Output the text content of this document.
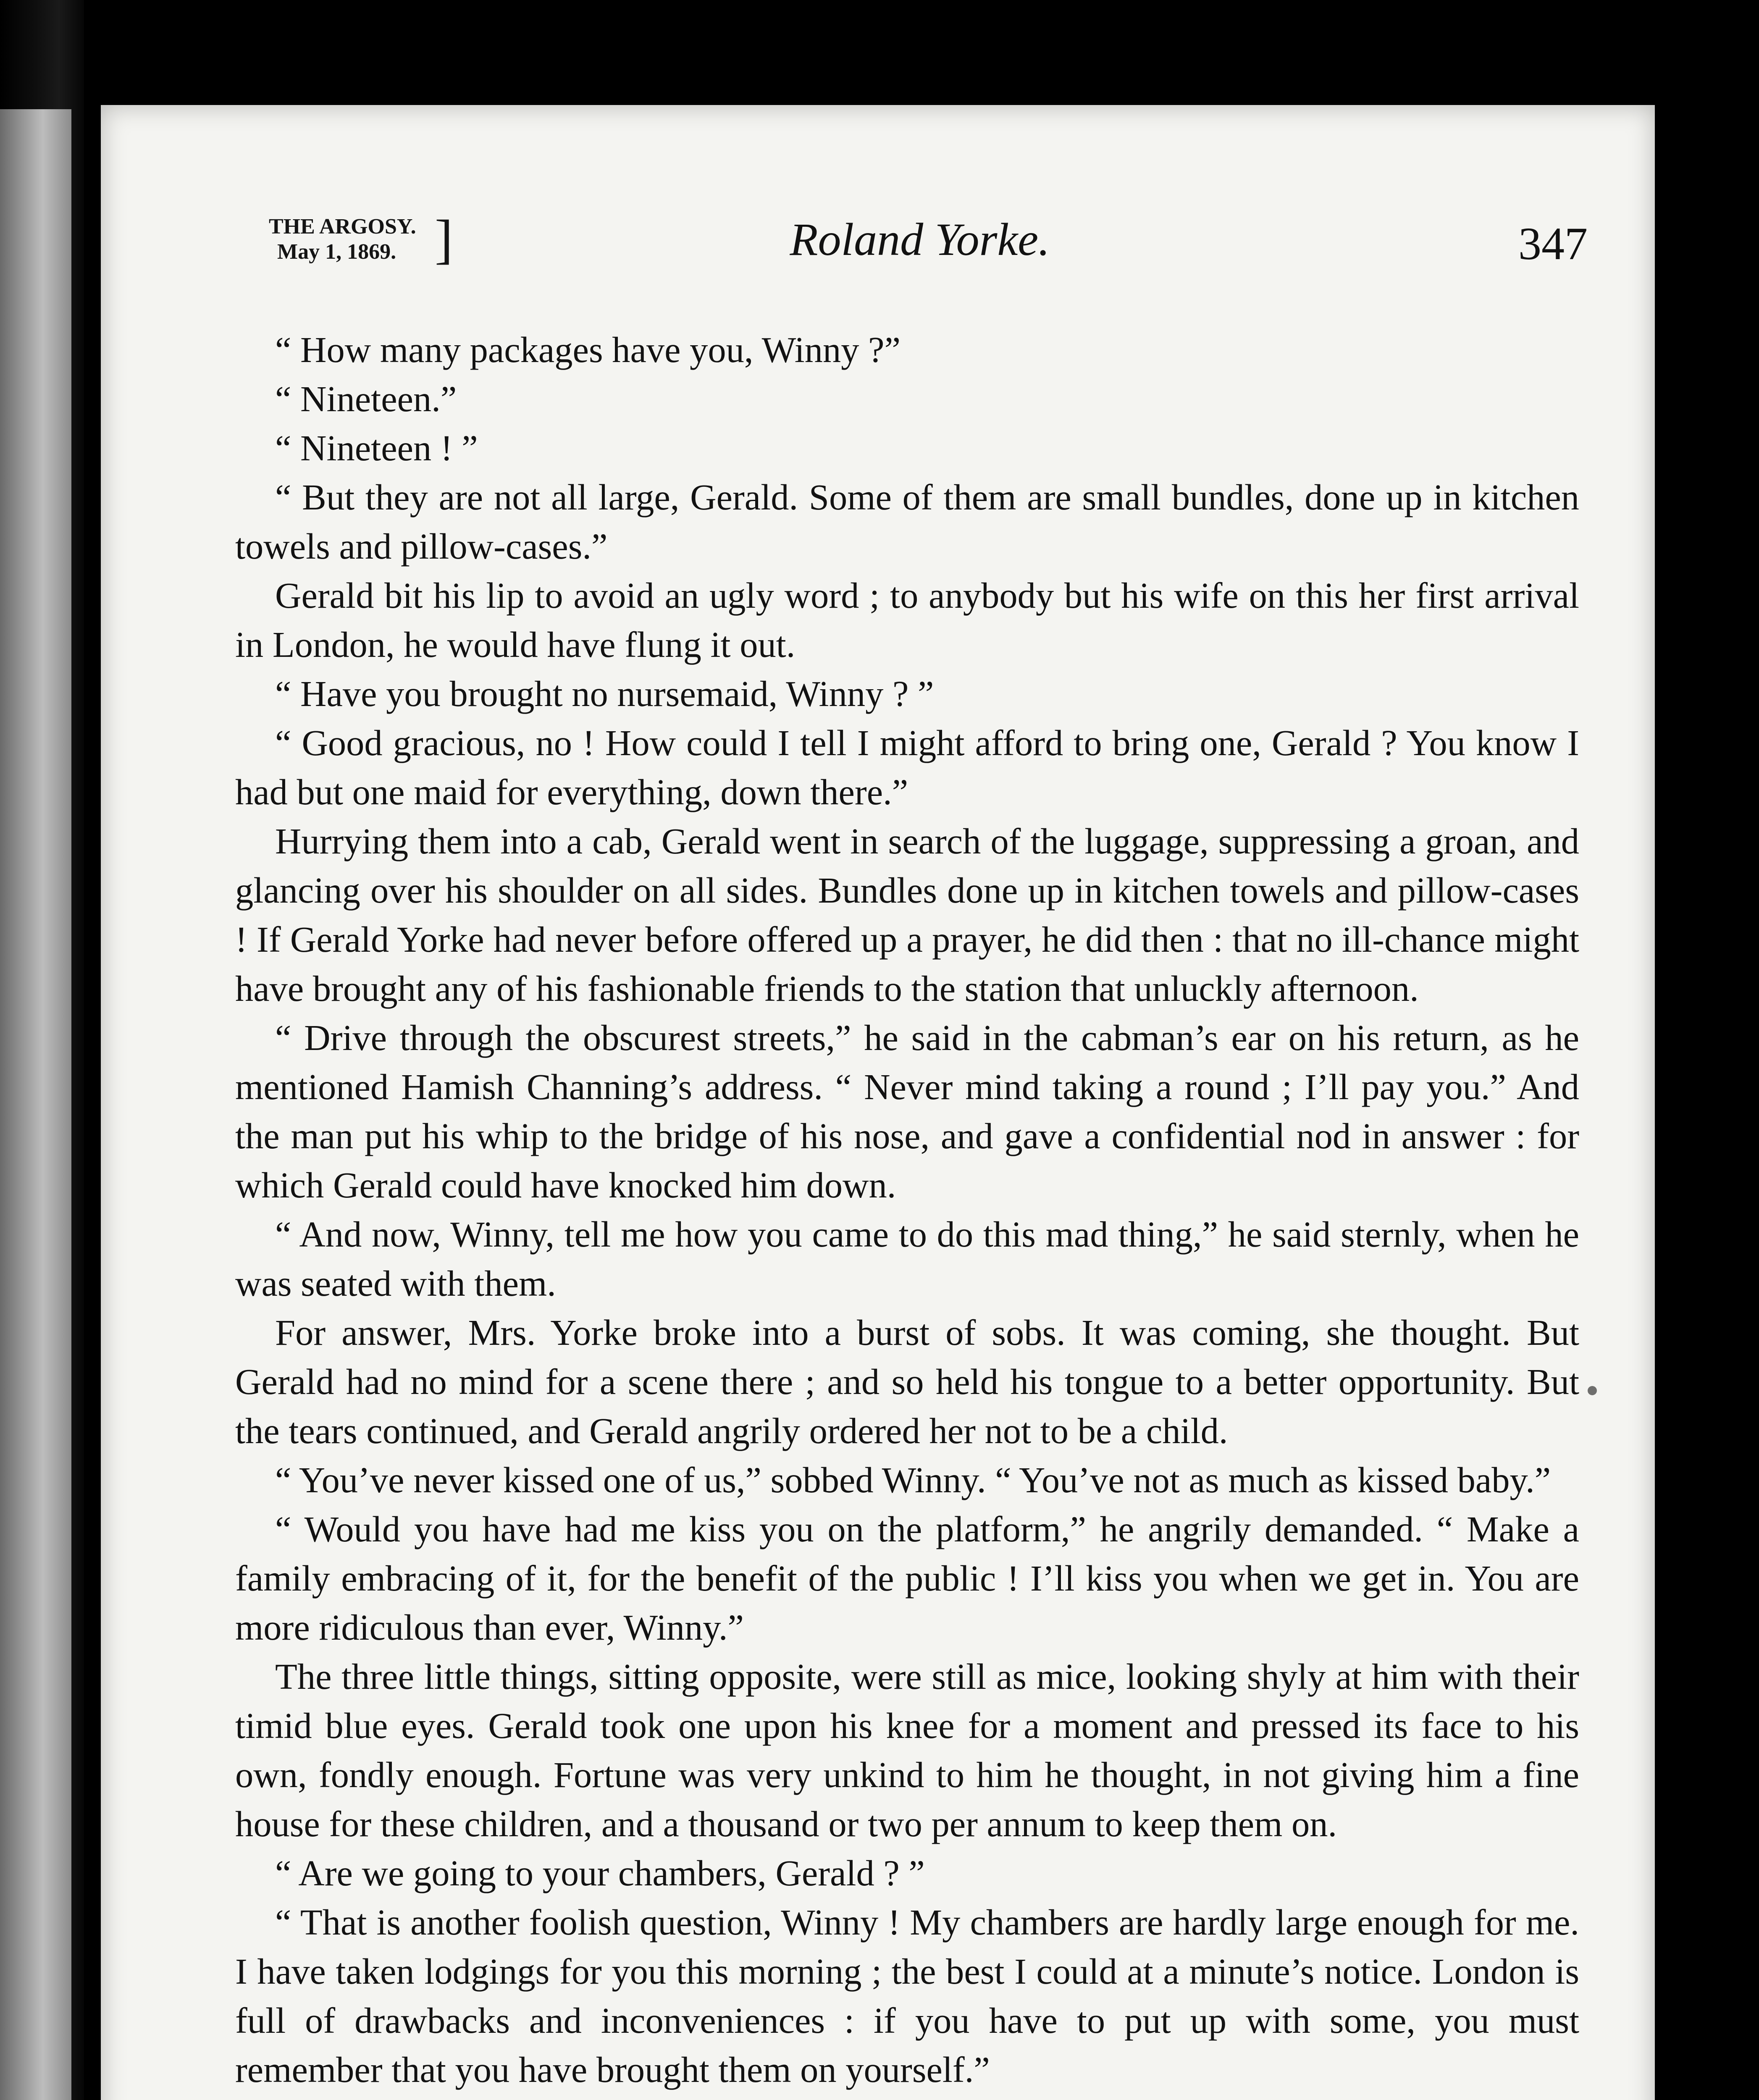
THE ARGOSY.
May 1, 1869. ]	Roland Yorke.	347

“ How many packages have you, Winny ?”

“ Nineteen.”

“ Nineteen ! ”

“ But they are not all large, Gerald. Some of them are small bundles, done up in kitchen towels and pillow-cases.”

Gerald bit his lip to avoid an ugly word ; to anybody but his wife on this her first arrival in London, he would have flung it out.

“ Have you brought no nursemaid, Winny ? ”

“ Good gracious, no ! How could I tell I might afford to bring one, Gerald ? You know I had but one maid for everything, down there.”

Hurrying them into a cab, Gerald went in search of the luggage, suppressing a groan, and glancing over his shoulder on all sides. Bundles done up in kitchen towels and pillow-cases ! If Gerald Yorke had never before offered up a prayer, he did then : that no ill-chance might have brought any of his fashionable friends to the station that unluckly afternoon.

“ Drive through the obscurest streets,” he said in the cabman’s ear on his return, as he mentioned Hamish Channing’s address. “ Never mind taking a round ; I’ll pay you.” And the man put his whip to the bridge of his nose, and gave a confidential nod in answer : for which Gerald could have knocked him down.

“ And now, Winny, tell me how you came to do this mad thing,” he said sternly, when he was seated with them.

For answer, Mrs. Yorke broke into a burst of sobs. It was coming, she thought. But Gerald had no mind for a scene there ; and so held his tongue to a better opportunity. But the tears continued, and Gerald angrily ordered her not to be a child.

“ You’ve never kissed one of us,” sobbed Winny. “ You’ve not as much as kissed baby.”

“ Would you have had me kiss you on the platform,” he angrily demanded. “ Make a family embracing of it, for the benefit of the public ! I’ll kiss you when we get in. You are more ridiculous than ever, Winny.”

The three little things, sitting opposite, were still as mice, looking shyly at him with their timid blue eyes. Gerald took one upon his knee for a moment and pressed its face to his own, fondly enough. Fortune was very unkind to him he thought, in not giving him a fine house for these children, and a thousand or two per annum to keep them on.

“ Are we going to your chambers, Gerald ? ”

“ That is another foolish question, Winny ! My chambers are hardly large enough for me. I have taken lodgings for you this morning ; the best I could at a minute’s notice. London is full of drawbacks and inconveniences : if you have to put up with some, you must remember that you have brought them on yourself.”
